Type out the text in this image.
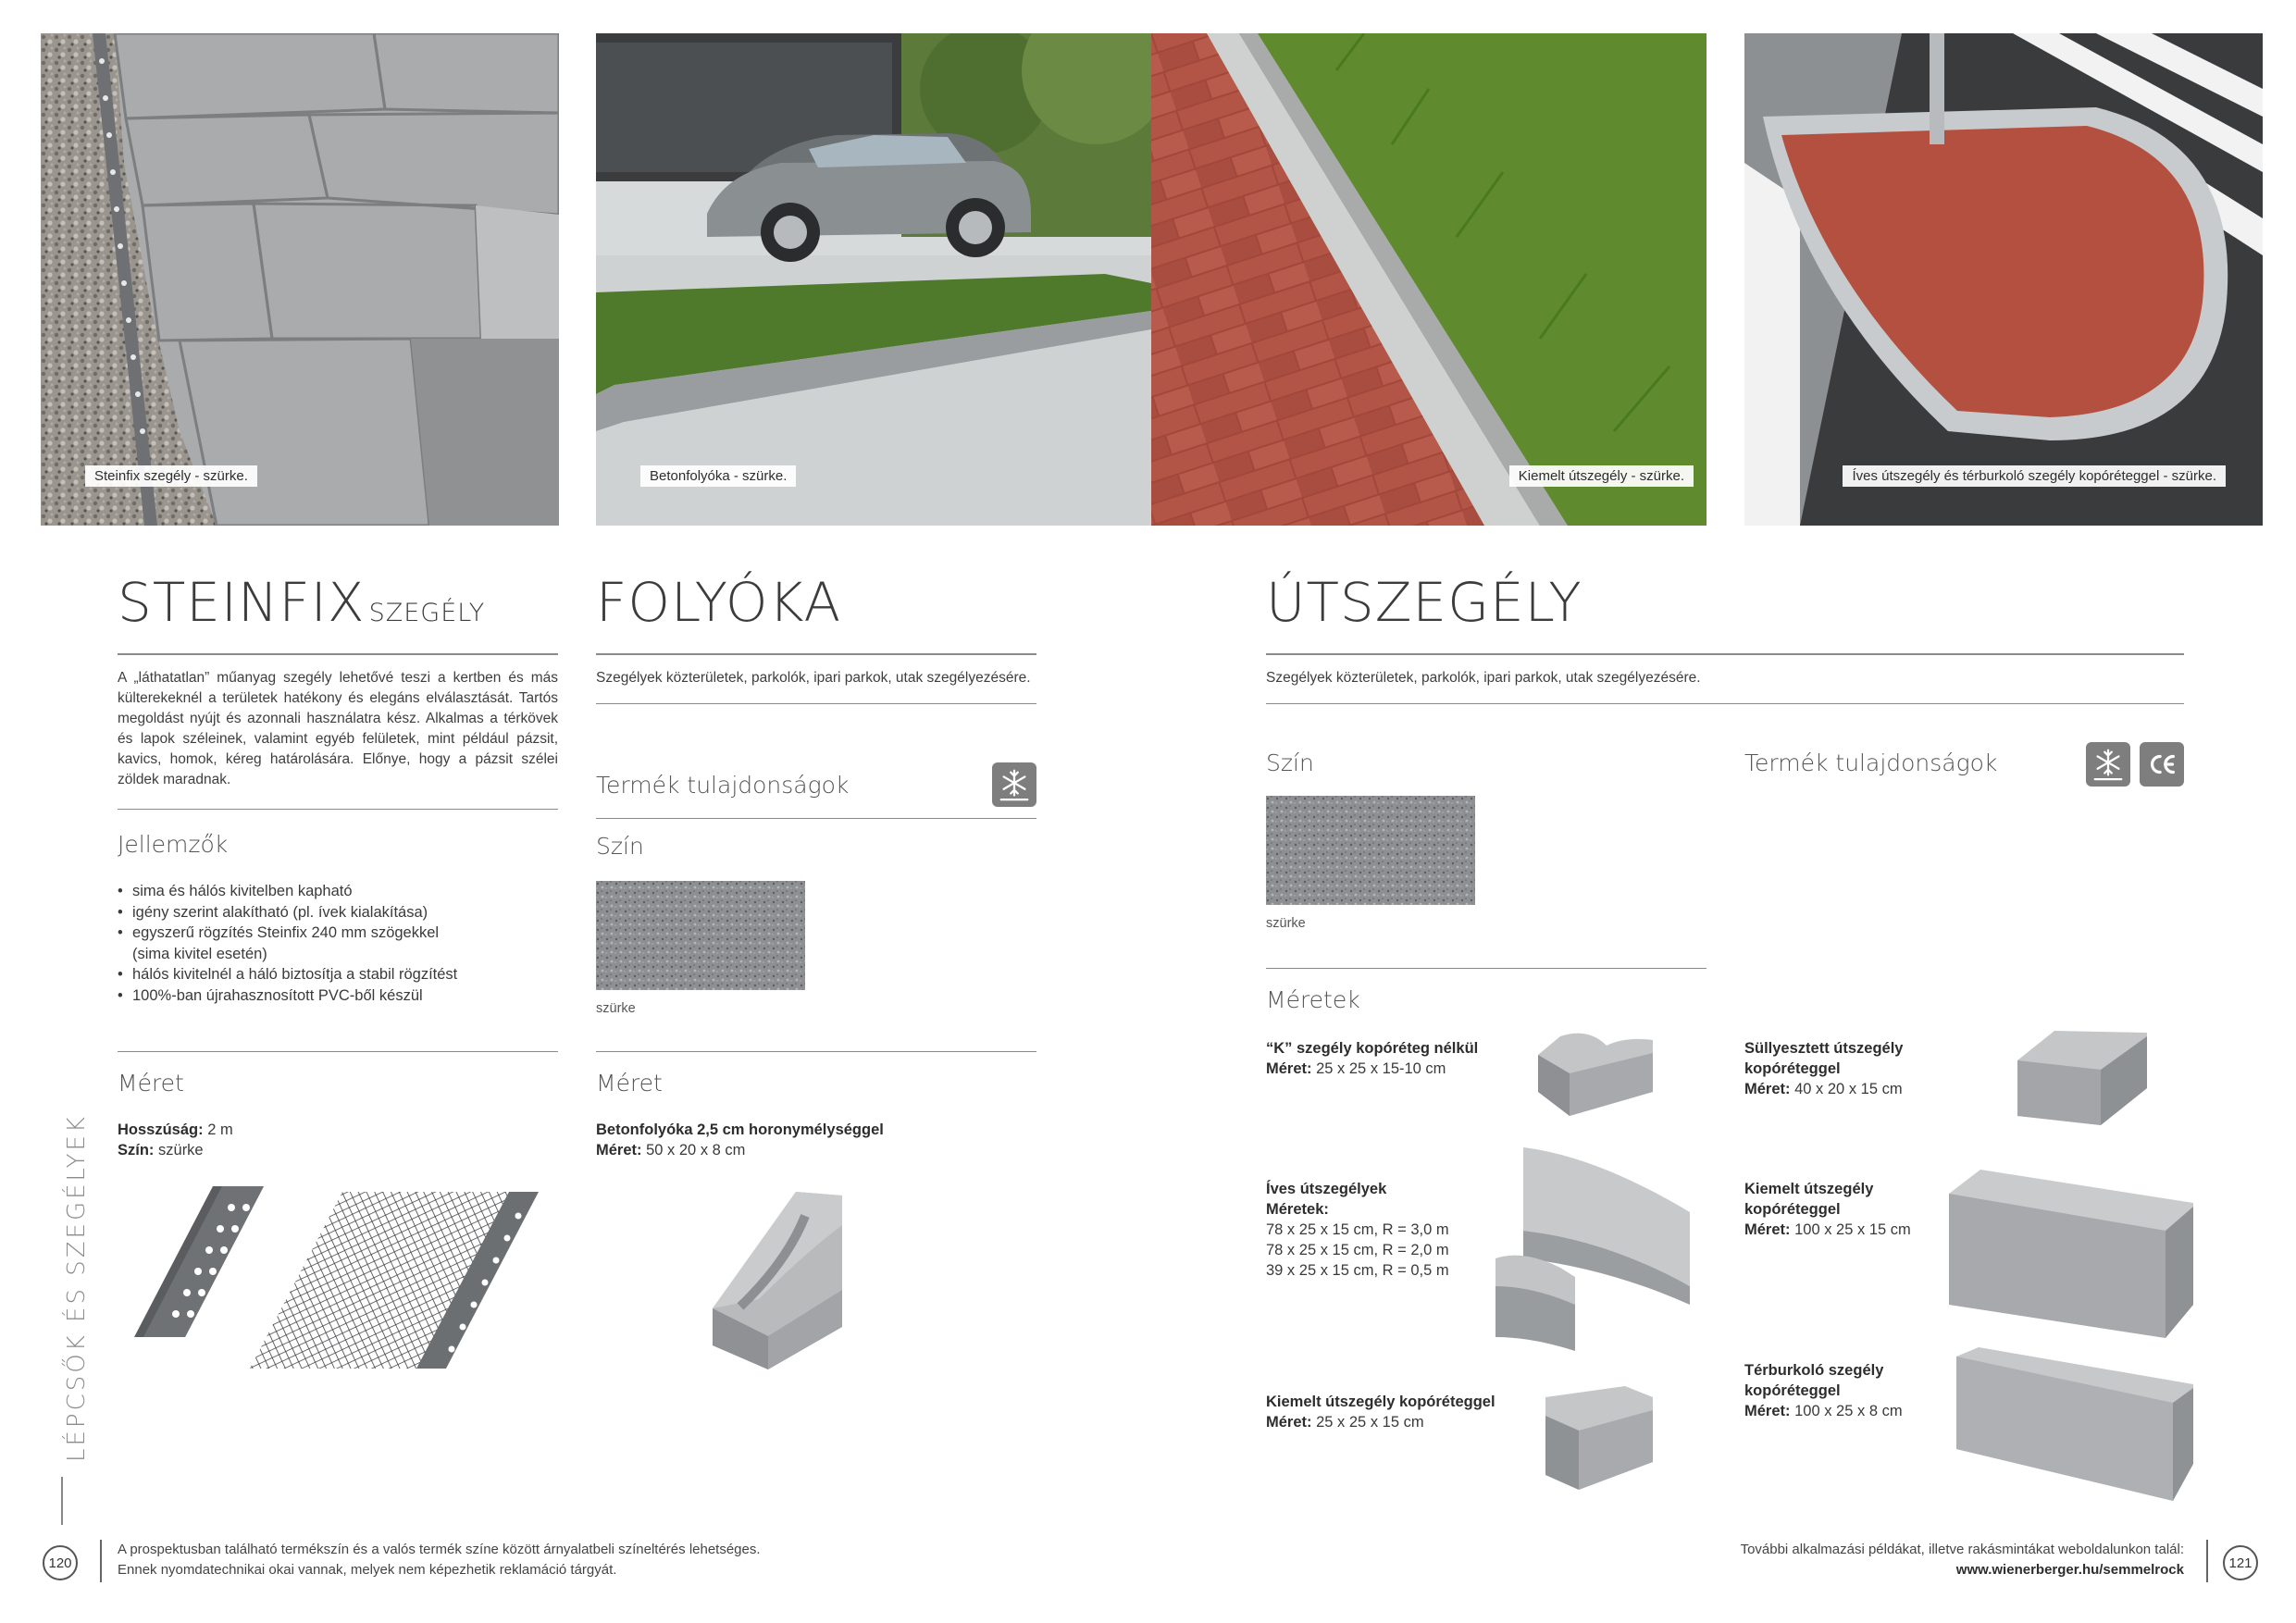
Steinfix szegély - szürke.	Betonfolyóka - szürke.	Kiemelt útszegély - szürke.	Íves útszegély és térburkoló szegély kopóréteggel - szürke.
STEINFIX SZEGÉLY
A „láthatatlan” műanyag szegély lehetővé teszi a kertben és más külterekeknél a területek hatékony és elegáns elválasztását. Tartós megoldást nyújt és azonnali használatra kész. Alkalmas a térkövek és lapok széleinek, valamint egyéb felületek, mint például pázsit, kavics, homok, kéreg határolására. Előnye, hogy a pázsit szélei zöldek maradnak.
Jellemzők
• sima és hálós kivitelben kapható
• igény szerint alakítható (pl. ívek kialakítása)
• egyszerű rögzítés Steinfix 240 mm szögekkel
(sima kivitel esetén)
• hálós kivitelnél a háló biztosítja a stabil rögzítést
• 100%-ban újrahasznosított PVC-ből készül
Méret
Hosszúság: 2 m
Szín: szürke
FOLYÓKA
Szegélyek közterületek, parkolók, ipari parkok, utak szegélyezésére.
Termék tulajdonságok
Szín
szürke
Méret
Betonfolyóka 2,5 cm horonymélységgel
Méret: 50 x 20 x 8 cm
ÚTSZEGÉLY
Szegélyek közterületek, parkolók, ipari parkok, utak szegélyezésére.
Szín
szürke
Termék tulajdonságok
Méretek
“K” szegély kopóréteg nélkül
Méret: 25 x 25 x 15-10 cm
Íves útszegélyek
Méretek:
78 x 25 x 15 cm, R = 3,0 m
78 x 25 x 15 cm, R = 2,0 m
39 x 25 x 15 cm, R = 0,5 m
Kiemelt útszegély kopóréteggel
Méret: 25 x 25 x 15 cm
Süllyesztett útszegély
kopóréteggel
Méret: 40 x 20 x 15 cm
Kiemelt útszegély
kopóréteggel
Méret: 100 x 25 x 15 cm
Térburkoló szegély
kopóréteggel
Méret: 100 x 25 x 8 cm
LÉPCSŐK ÉS SZEGÉLYEK
120
A prospektusban található termékszín és a valós termék színe között árnyalatbeli színeltérés lehetséges.
Ennek nyomdatechnikai okai vannak, melyek nem képezhetik reklamáció tárgyát.
További alkalmazási példákat, illetve rakásmintákat weboldalunkon talál:
www.wienerberger.hu/semmelrock	121
